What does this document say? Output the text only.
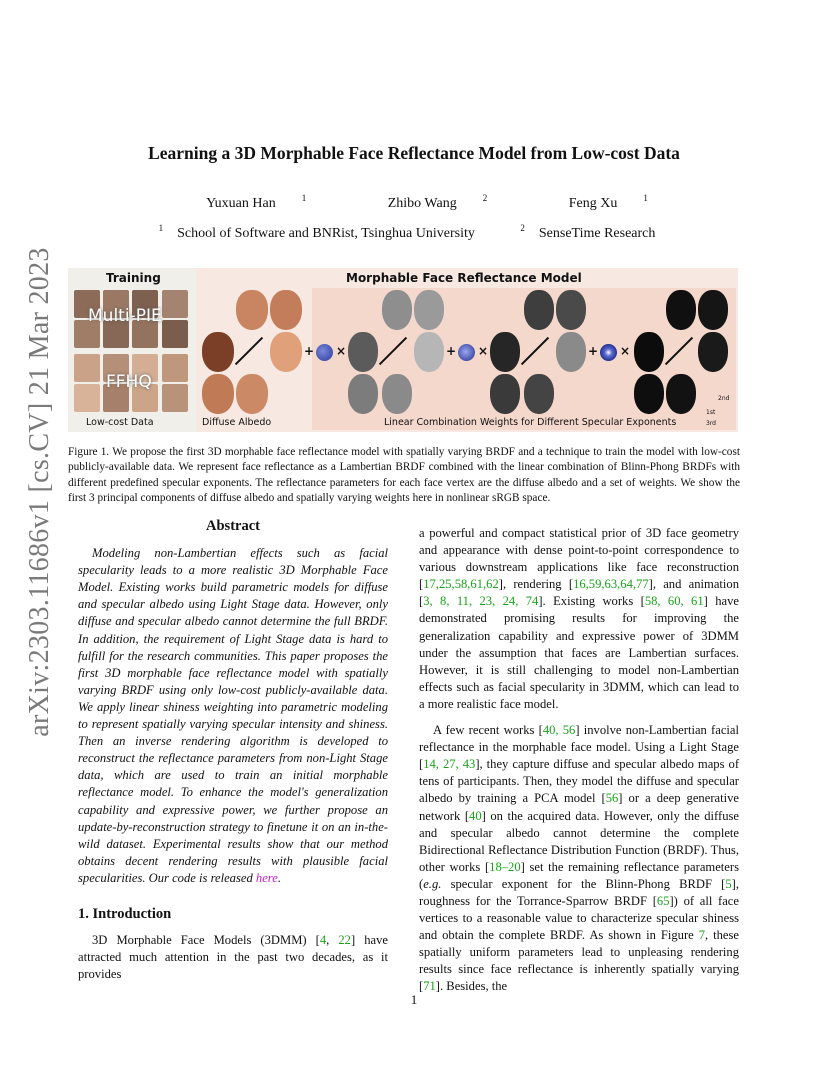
arXiv:2303.11686v1 [cs.CV] 21 Mar 2023
Learning a 3D Morphable Face Reflectance Model from Low-cost Data
Yuxuan Han	$^1$	Zhibo Wang	$^2$	Feng Xu	$^1$
$^1$ School of Software and BNRist, Tsinghua University	$^2$ SenseTime Research
Training
Multi-PIE
FFHQ
Low-cost Data
Morphable Face Reflectance Model
Diffuse Albedo
+ ×	+ ×	+ ×
2nd
1st
3rd
Linear Combination Weights for Different Specular Exponents
Figure 1. We propose the first 3D morphable face reflectance model with spatially varying BRDF and a technique to train the model with low-cost publicly-available data. We represent face reflectance as a Lambertian BRDF combined with the linear combination of Blinn-Phong BRDFs with different predefined specular exponents. The reflectance parameters for each face vertex are the diffuse albedo and a set of weights. We show the first 3 principal components of diffuse albedo and spatially varying weights here in nonlinear sRGB space.
Abstract

Modeling non-Lambertian effects such as facial specularity leads to a more realistic 3D Morphable Face Model. Existing works build parametric models for diffuse and specular albedo using Light Stage data. However, only diffuse and specular albedo cannot determine the full BRDF. In addition, the requirement of Light Stage data is hard to fulfill for the research communities. This paper proposes the first 3D morphable face reflectance model with spatially varying BRDF using only low-cost publicly-available data. We apply linear shiness weighting into parametric modeling to represent spatially varying specular intensity and shiness. Then an inverse rendering algorithm is developed to reconstruct the reflectance parameters from non-Light Stage data, which are used to train an initial morphable reflectance model. To enhance the model's generalization capability and expressive power, we further propose an update-by-reconstruction strategy to finetune it on an in-the-wild dataset. Experimental results show that our method obtains decent rendering results with plausible facial specularities. Our code is released here.

1. Introduction

3D Morphable Face Models (3DMM) [4, 22] have attracted much attention in the past two decades, as it provides

a powerful and compact statistical prior of 3D face geometry and appearance with dense point-to-point correspondence to various downstream applications like face reconstruction [17,25,58,61,62], rendering [16,59,63,64,77], and animation [3, 8, 11, 23, 24, 74]. Existing works [58, 60, 61] have demonstrated promising results for improving the generalization capability and expressive power of 3DMM under the assumption that faces are Lambertian surfaces. However, it is still challenging to model non-Lambertian effects such as facial specularity in 3DMM, which can lead to a more realistic face model.

A few recent works [40, 56] involve non-Lambertian facial reflectance in the morphable face model. Using a Light Stage [14, 27, 43], they capture diffuse and specular albedo maps of tens of participants. Then, they model the diffuse and specular albedo by training a PCA model [56] or a deep generative network [40] on the acquired data. However, only the diffuse and specular albedo cannot determine the complete Bidirectional Reflectance Distribution Function (BRDF). Thus, other works [18–20] set the remaining reflectance parameters (e.g. specular exponent for the Blinn-Phong BRDF [5], roughness for the Torrance-Sparrow BRDF [65]) of all face vertices to a reasonable value to characterize specular shiness and obtain the complete BRDF. As shown in Figure 7, these spatially uniform parameters lead to unpleasing rendering results since face reflectance is inherently spatially varying [71]. Besides, the

1
